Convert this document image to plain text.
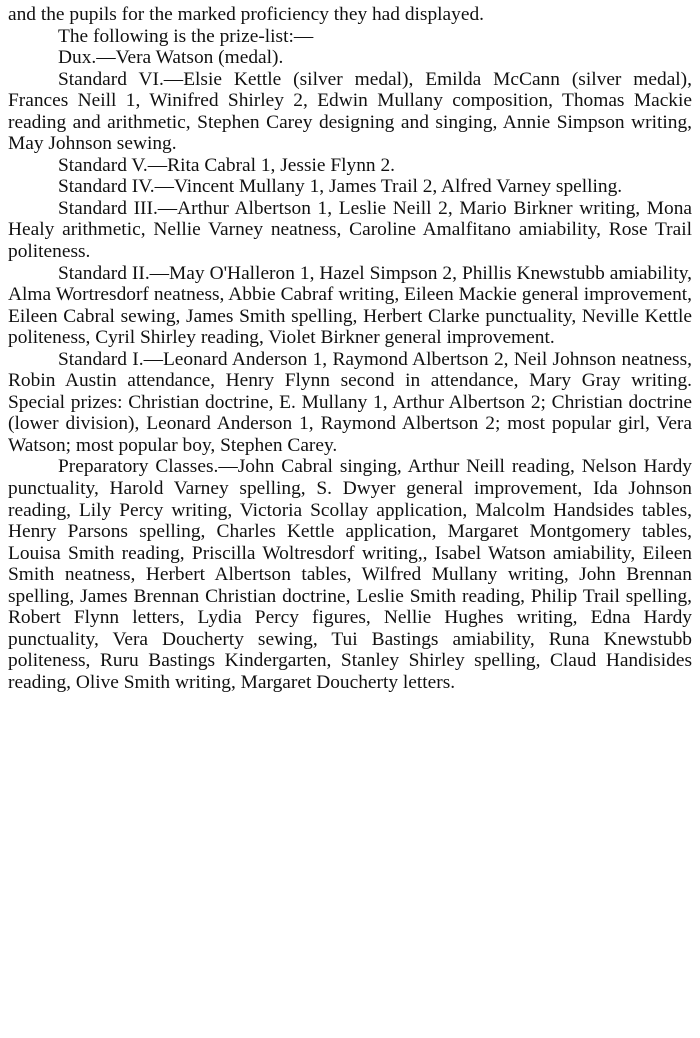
and the pupils for the marked proficiency they had displayed.

The following is the prize-list:—

Dux.—Vera Watson (medal).

Standard VI.—Elsie Kettle (silver medal), Emilda McCann (silver medal), Frances Neill 1, Winifred Shirley 2, Edwin Mullany composition, Thomas Mackie reading and arithmetic, Stephen Carey designing and singing, Annie Simpson writing, May Johnson sewing.

Standard V.—Rita Cabral 1, Jessie Flynn 2.

Standard IV.—Vincent Mullany 1, James Trail 2, Alfred Varney spelling.

Standard III.—Arthur Albertson 1, Leslie Neill 2, Mario Birkner writing, Mona Healy arithmetic, Nellie Varney neatness, Caroline Amalfitano amiability, Rose Trail politeness.

Standard II.—May O'Halleron 1, Hazel Simpson 2, Phillis Knewstubb amiability, Alma Wortresdorf neatness, Abbie Cabraf writing, Eileen Mackie general improvement, Eileen Cabral sewing, James Smith spelling, Herbert Clarke punctuality, Neville Kettle politeness, Cyril Shirley reading, Violet Birkner general improvement.

Standard I.—Leonard Anderson 1, Raymond Albertson 2, Neil Johnson neatness, Robin Austin attendance, Henry Flynn second in attendance, Mary Gray writing. Special prizes: Christian doctrine, E. Mullany 1, Arthur Albertson 2; Christian doctrine (lower division), Leonard Anderson 1, Raymond Albertson 2; most popular girl, Vera Watson; most popular boy, Stephen Carey.

Preparatory Classes.—John Cabral singing, Arthur Neill reading, Nelson Hardy punctuality, Harold Varney spelling, S. Dwyer general improvement, Ida Johnson reading, Lily Percy writing, Victoria Scollay application, Malcolm Handsides tables, Henry Parsons spelling, Charles Kettle application, Margaret Montgomery tables, Louisa Smith reading, Priscilla Woltresdorf writing,, Isabel Watson amiability, Eileen Smith neatness, Herbert Albertson tables, Wilfred Mullany writing, John Brennan spelling, James Brennan Christian doctrine, Leslie Smith reading, Philip Trail spelling, Robert Flynn letters, Lydia Percy figures, Nellie Hughes writing, Edna Hardy punctuality, Vera Doucherty sewing, Tui Bastings amiability, Runa Knewstubb politeness, Ruru Bastings Kindergarten, Stanley Shirley spelling, Claud Handisides reading, Olive Smith writing, Margaret Doucherty letters.
